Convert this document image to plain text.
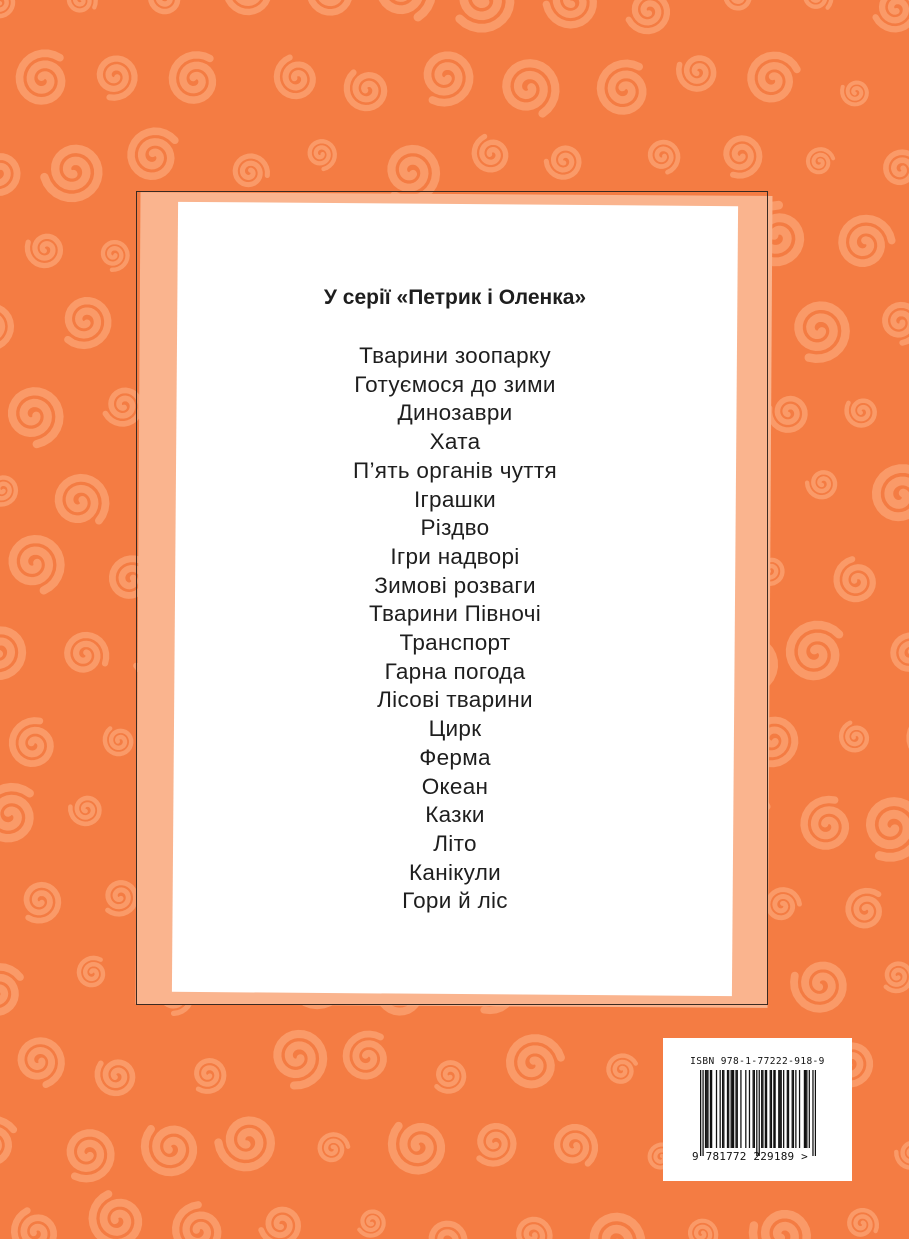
У серії «Петрик і Оленка»
Тварини зоопарку
Готуємося до зими
Динозаври
Хата
П’ять органів чуття
Іграшки
Різдво
Ігри надворі
Зимові розваги
Тварини Півночі
Транспорт
Гарна погода
Лісові тварини
Цирк
Ферма
Океан
Казки
Літо
Канікули
Гори й ліс
ISBN 978-1-77222-918-9
9 781772 229189 >
